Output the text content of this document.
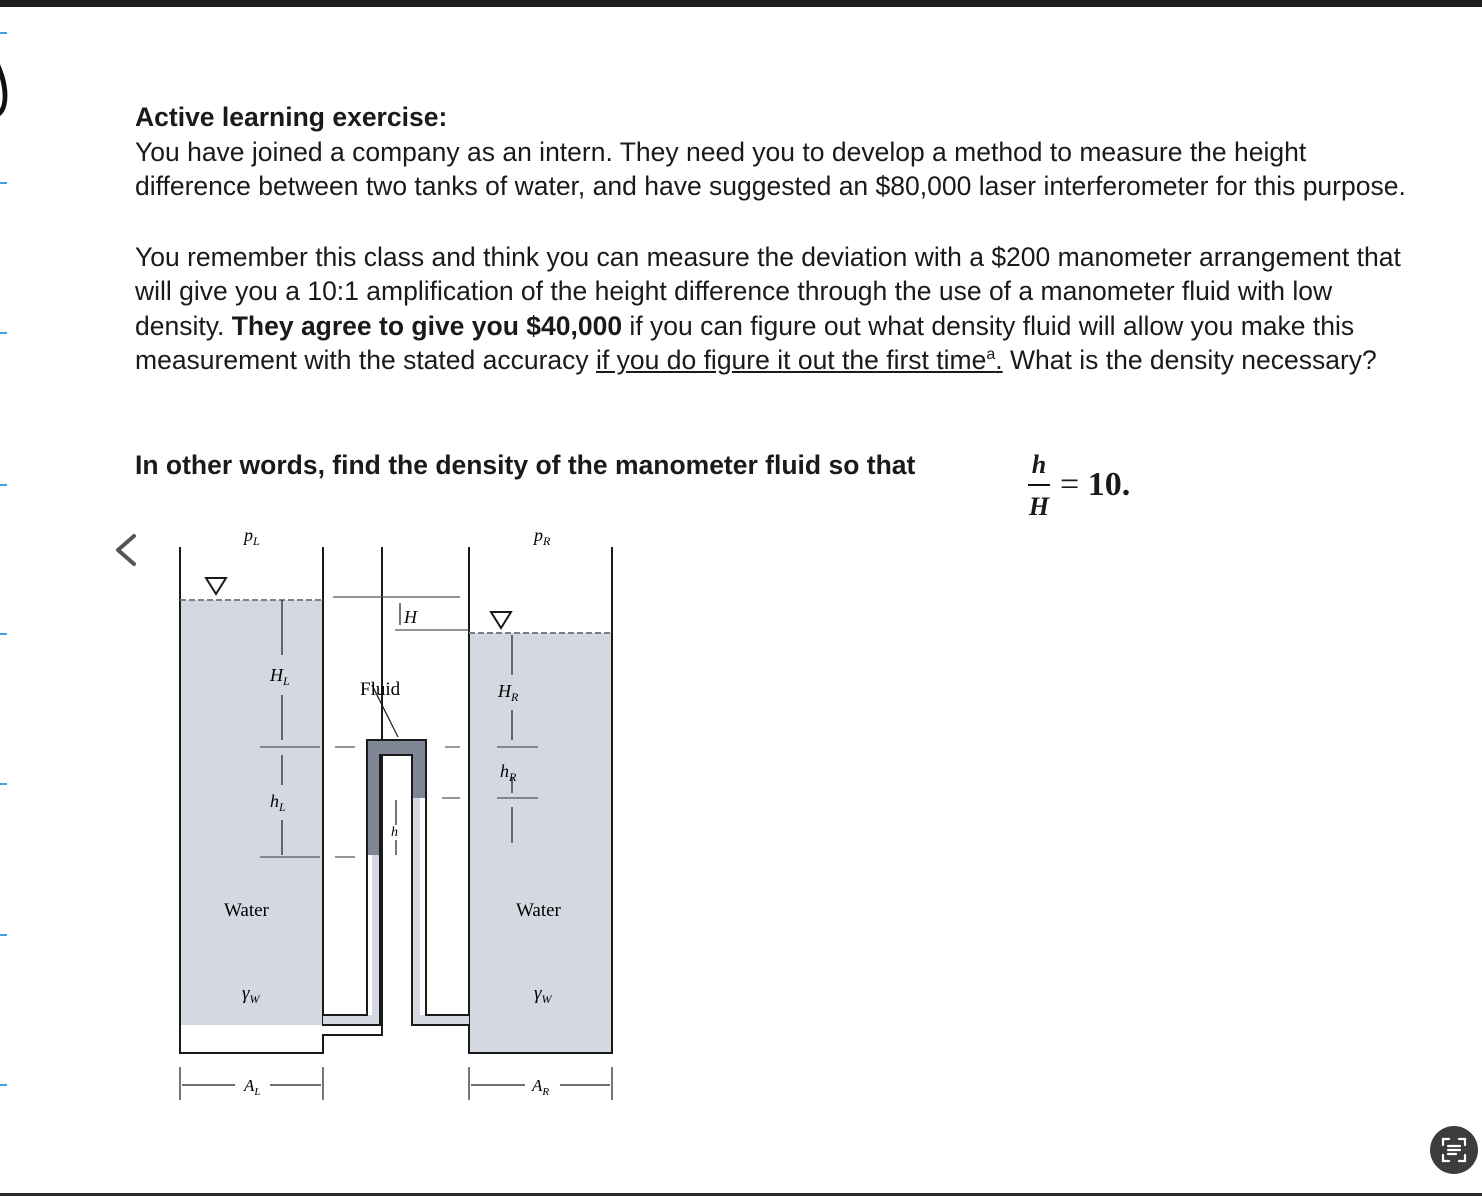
Active learning exercise:

You have joined a company as an intern. They need you to develop a method to measure the height difference between two tanks of water, and have suggested an $80,000 laser interferometer for this purpose.

You remember this class and think you can measure the deviation with a $200 manometer arrangement that will give you a 10:1 amplification of the height difference through the use of a manometer fluid with low density. They agree to give you $40,000 if you can figure out what density fluid will allow you make this measurement with the stated accuracy if you do figure it out the first time$^a$. What is the density necessary?

In other words, find the density of the manometer fluid so that	h
H
= 10.
$p_L$	$p_R$
H
$H_L$	$H_R$
$h_L$
$h_R$
h
Fluid
Water	Water
$\gamma_W$	$\gamma_W$
$A_L$	$A_R$
